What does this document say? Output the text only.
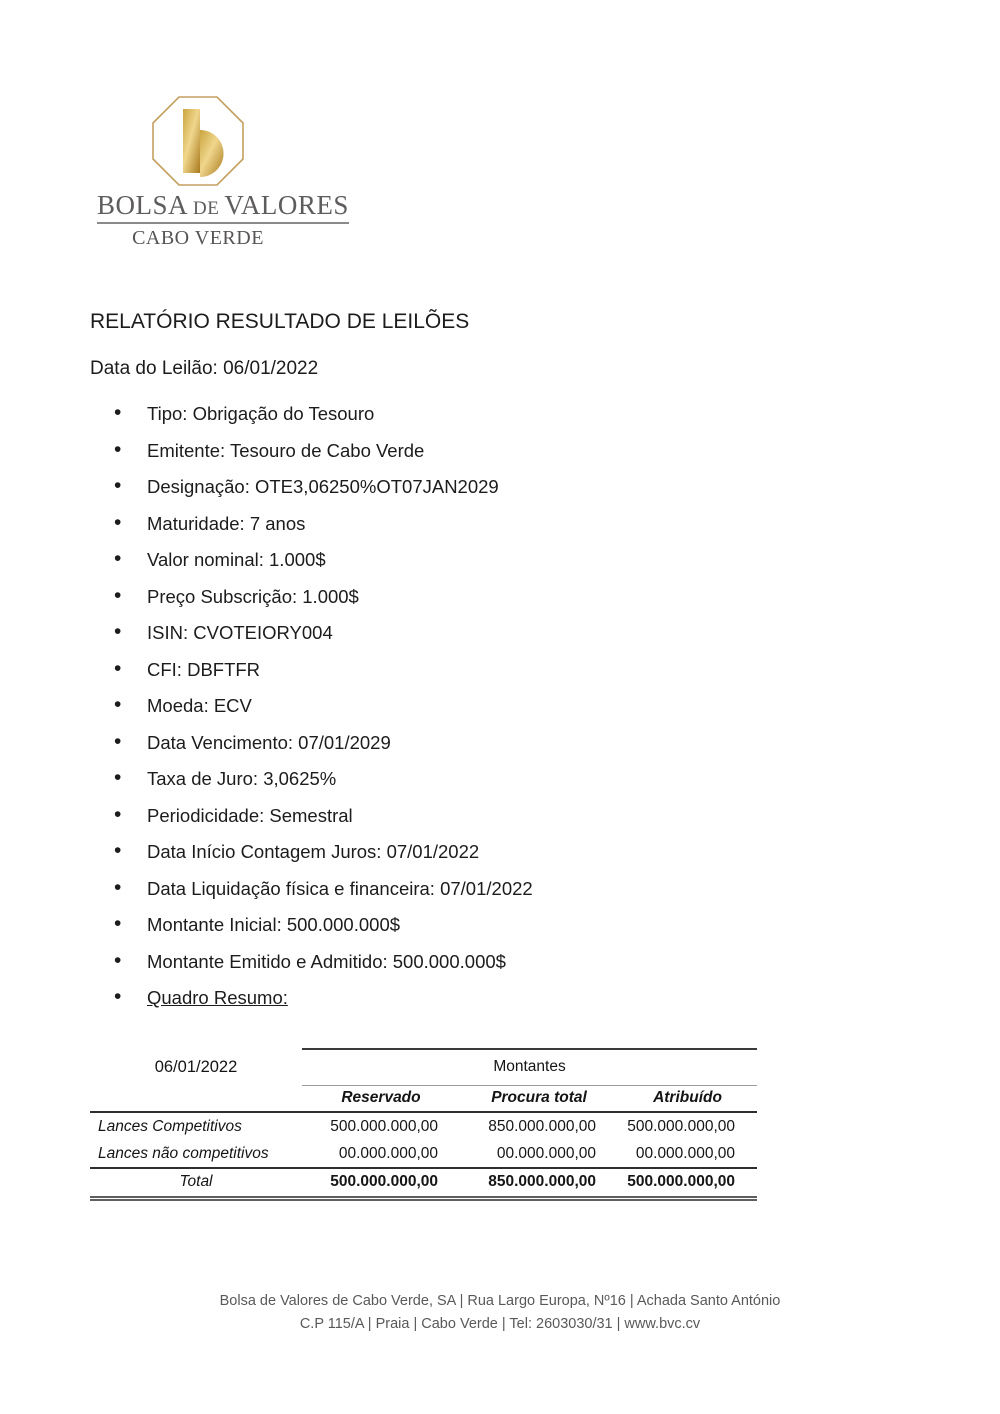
BOLSA DE VALORES
CABO VERDE
RELATÓRIO RESULTADO DE LEILÕES
Data do Leilão: 06/01/2022
• Tipo: Obrigação do Tesouro
• Emitente: Tesouro de Cabo Verde
• Designação: OTE3,06250%OT07JAN2029
• Maturidade: 7 anos
• Valor nominal: 1.000$
• Preço Subscrição: 1.000$
• ISIN: CVOTEIORY004
• CFI: DBFTFR
• Moeda: ECV
• Data Vencimento: 07/01/2029
• Taxa de Juro: 3,0625%
• Periodicidade: Semestral
• Data Início Contagem Juros: 07/01/2022
• Data Liquidação física e financeira: 07/01/2022
• Montante Inicial: 500.000.000$
• Montante Emitido e Admitido: 500.000.000$
• Quadro Resumo:
06/01/2022	Montantes		
	Reservado	Procura total	Atribuído
Lances Competitivos	500.000.000,00	850.000.000,00	500.000.000,00
Lances não competitivos	00.000.000,00	00.000.000,00	00.000.000,00
Total	500.000.000,00	850.000.000,00	500.000.000,00
Bolsa de Valores de Cabo Verde, SA | Rua Largo Europa, Nº16 | Achada Santo António
C.P 115/A | Praia | Cabo Verde | Tel: 2603030/31 | www.bvc.cv
